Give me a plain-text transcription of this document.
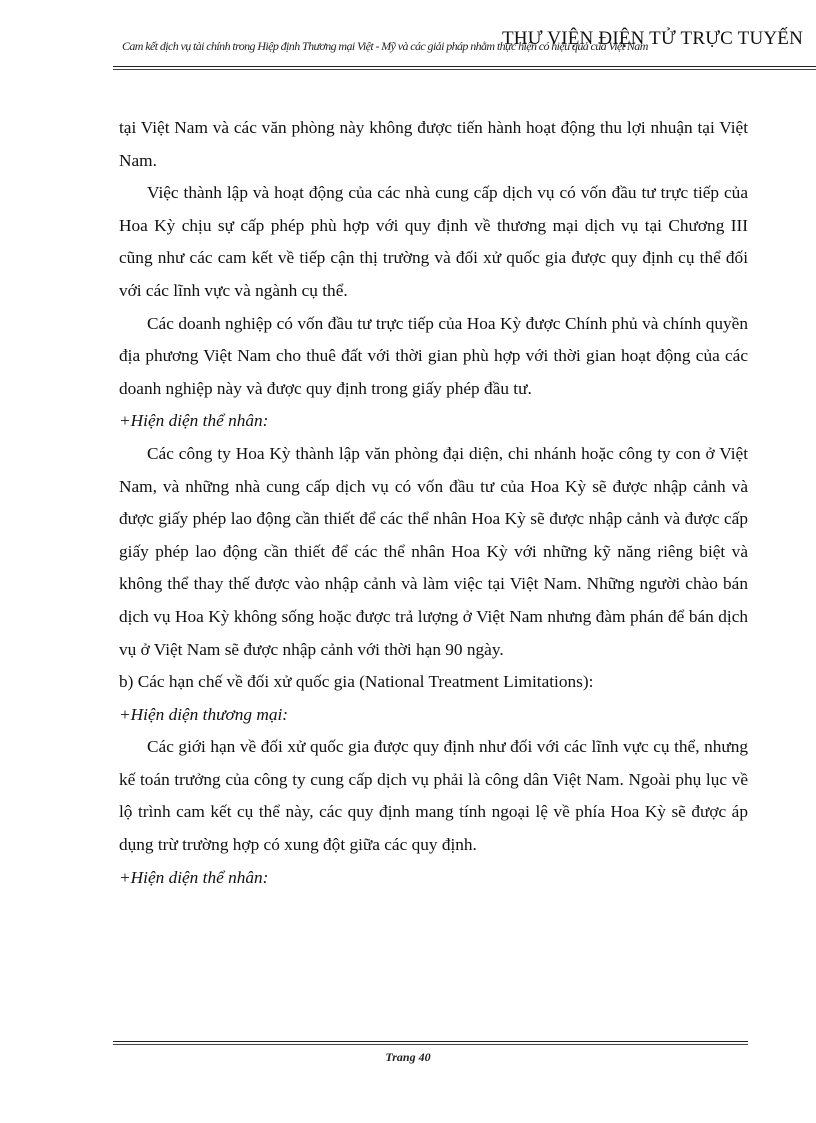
Cam kết dịch vụ tài chính trong Hiệp định Thương mại Việt - Mỹ và các giải pháp nhằm thực hiện có hiệu quả của Việt Nam
THƯ VIỆN ĐIỆN TỬ TRỰC TUYẾN

tại Việt Nam và các văn phòng này không được tiến hành hoạt động thu lợi nhuận tại Việt Nam.

Việc thành lập và hoạt động của các nhà cung cấp dịch vụ có vốn đầu tư trực tiếp của Hoa Kỳ chịu sự cấp phép phù hợp với quy định về thương mại dịch vụ tại Chương III cũng như các cam kết về tiếp cận thị trường và đối xử quốc gia được quy định cụ thể đối với các lĩnh vực và ngành cụ thể.

Các doanh nghiệp có vốn đầu tư trực tiếp của Hoa Kỳ được Chính phủ và chính quyền địa phương Việt Nam cho thuê đất với thời gian phù hợp với thời gian hoạt động của các doanh nghiệp này và được quy định trong giấy phép đầu tư.

+Hiện diện thể nhân:

Các công ty Hoa Kỳ thành lập văn phòng đại diện, chi nhánh hoặc công ty con ở Việt Nam, và những nhà cung cấp dịch vụ có vốn đầu tư của Hoa Kỳ sẽ được nhập cảnh và được giấy phép lao động cần thiết để các thể nhân Hoa Kỳ sẽ được nhập cảnh và được cấp giấy phép lao động cần thiết để các thể nhân Hoa Kỳ với những kỹ năng riêng biệt và không thể thay thế được vào nhập cảnh và làm việc tại Việt Nam. Những người chào bán dịch vụ Hoa Kỳ không sống hoặc được trả lượng ở Việt Nam nhưng đàm phán để bán dịch vụ ở Việt Nam sẽ được nhập cảnh với thời hạn 90 ngày.

b) Các hạn chế về đối xử quốc gia (National Treatment Limitations):

+Hiện diện thương mại:

Các giới hạn về đối xử quốc gia được quy định như đối với các lĩnh vực cụ thể, nhưng kế toán trưởng của công ty cung cấp dịch vụ phải là công dân Việt Nam. Ngoài phụ lục về lộ trình cam kết cụ thể này, các quy định mang tính ngoại lệ về phía Hoa Kỳ sẽ được áp dụng trừ trường hợp có xung đột giữa các quy định.

+Hiện diện thể nhân:

Trang 40
